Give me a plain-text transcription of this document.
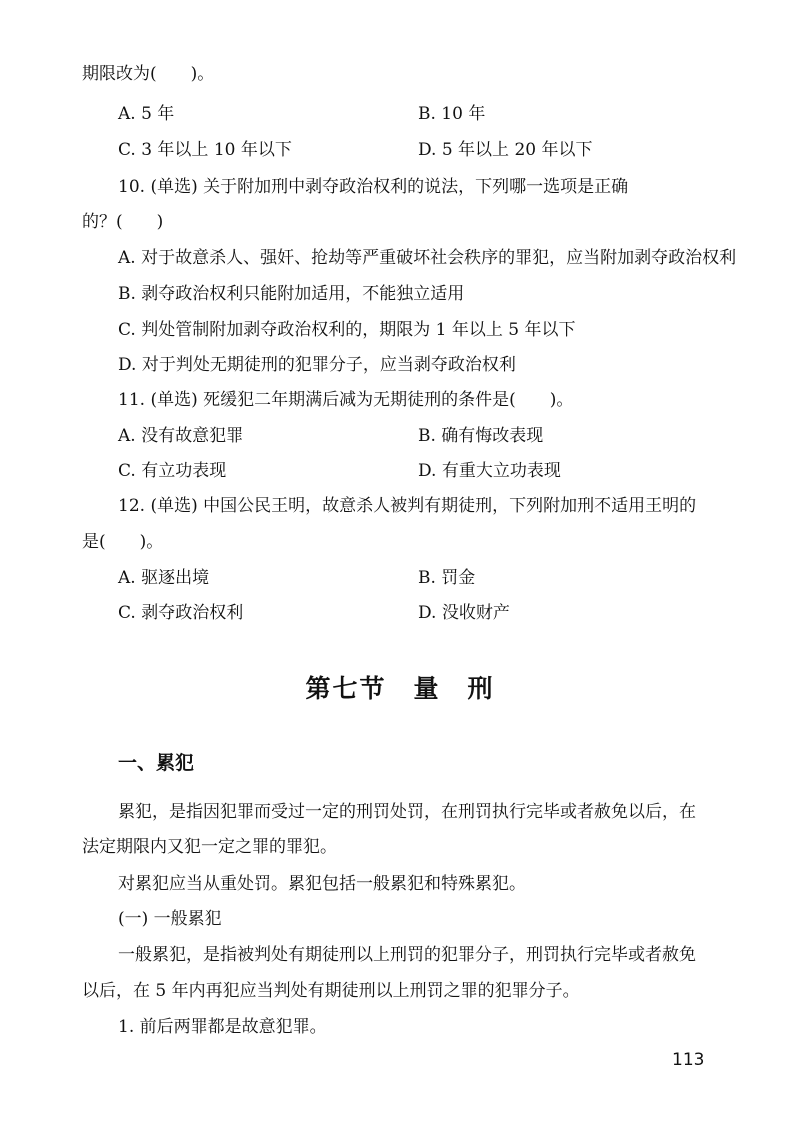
期限改为(　　)。
A. 5 年	B. 10 年
C. 3 年以上 10 年以下	D. 5 年以上 20 年以下
10. (单选) 关于附加刑中剥夺政治权利的说法，下列哪一选项是正确
的？(　　)
A. 对于故意杀人、强奸、抢劫等严重破坏社会秩序的罪犯，应当附加剥夺政治权利
B. 剥夺政治权利只能附加适用，不能独立适用
C. 判处管制附加剥夺政治权利的，期限为 1 年以上 5 年以下
D. 对于判处无期徒刑的犯罪分子，应当剥夺政治权利
11. (单选) 死缓犯二年期满后减为无期徒刑的条件是(　　)。
A. 没有故意犯罪	B. 确有悔改表现
C. 有立功表现	D. 有重大立功表现
12. (单选) 中国公民王明，故意杀人被判有期徒刑，下列附加刑不适用王明的
是(　　)。
A. 驱逐出境	B. 罚金
C. 剥夺政治权利	D. 没收财产
第七节　量　刑
一、累犯
累犯，是指因犯罪而受过一定的刑罚处罚，在刑罚执行完毕或者赦免以后，在
法定期限内又犯一定之罪的罪犯。
对累犯应当从重处罚。累犯包括一般累犯和特殊累犯。
(一) 一般累犯
一般累犯，是指被判处有期徒刑以上刑罚的犯罪分子，刑罚执行完毕或者赦免
以后，在 5 年内再犯应当判处有期徒刑以上刑罚之罪的犯罪分子。
1. 前后两罪都是故意犯罪。
113
